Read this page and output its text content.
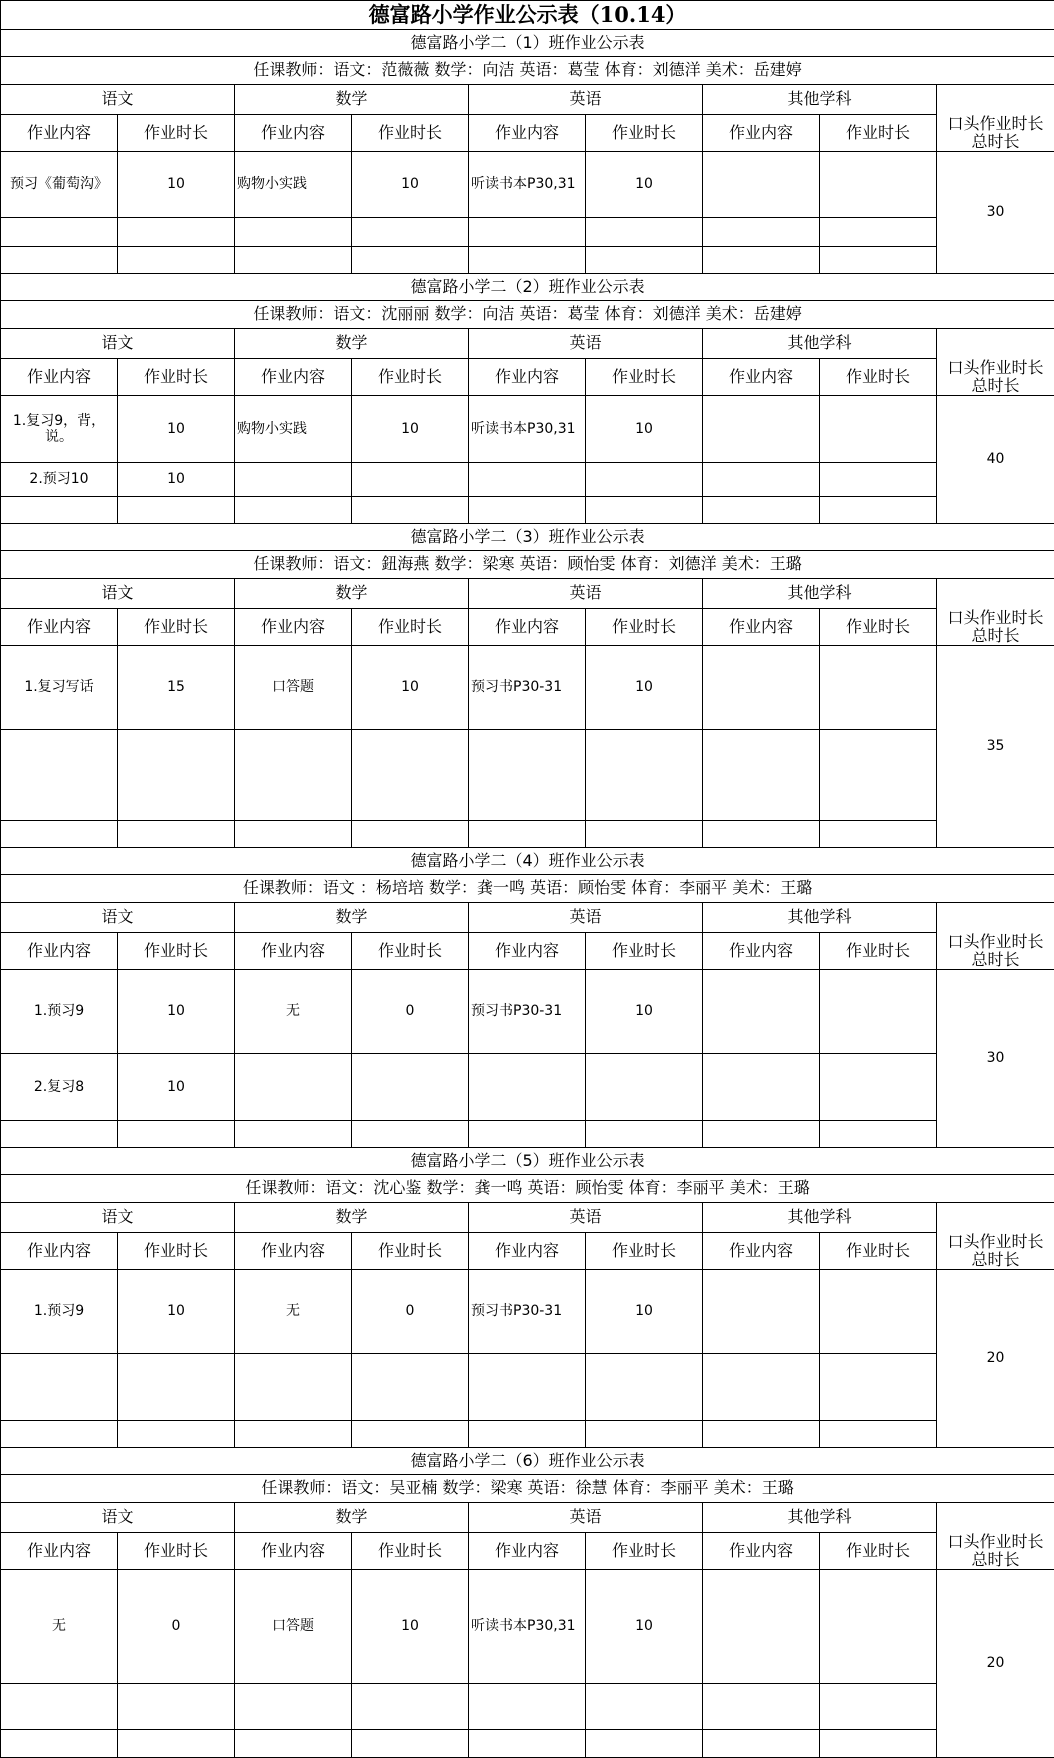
德富路小学作业公示表（10.14）								
德富路小学二（1）班作业公示表								
任课教师：语文：范薇薇 数学：向洁 英语：葛莹 体育：刘德洋 美术：岳建婷								
语文		数学		英语		其他学科		口头作业时长
总时长

作业内容	作业时长	作业内容	作业时长	作业内容	作业时长	作业内容	作业时长	
预习《葡萄沟》	10	购物小实践	10	听读书本P30,31	10			30

德富路小学二（2）班作业公示表								
任课教师：语文：沈丽丽 数学：向洁 英语：葛莹 体育：刘德洋 美术：岳建婷								
语文		数学		英语		其他学科		口头作业时长
总时长

作业内容	作业时长	作业内容	作业时长	作业内容	作业时长	作业内容	作业时长	
1.复习9，背，说。	10	购物小实践	10	听读书本P30,31	10			40
2.预习10	10							

德富路小学二（3）班作业公示表								
任课教师：语文：鈕海燕 数学：梁寒 英语：顾怡雯 体育：刘德洋 美术：王璐								
语文		数学		英语		其他学科		口头作业时长
总时长

作业内容	作业时长	作业内容	作业时长	作业内容	作业时长	作业内容	作业时长	
1.复习写话	15	口答题	10	预习书P30-31	10			35

德富路小学二（4）班作业公示表								
任课教师：语文 ：杨培培 数学：龚一鸣 英语：顾怡雯 体育：李丽平 美术：王璐								
语文		数学		英语		其他学科		口头作业时长
总时长

作业内容	作业时长	作业内容	作业时长	作业内容	作业时长	作业内容	作业时长	
1.预习9	10	无	0	预习书P30-31	10			30
2.复习8	10							

德富路小学二（5）班作业公示表								
任课教师：语文：沈心鉴 数学：龚一鸣 英语：顾怡雯 体育：李丽平 美术：王璐								
语文		数学		英语		其他学科		口头作业时长
总时长

作业内容	作业时长	作业内容	作业时长	作业内容	作业时长	作业内容	作业时长	
1.预习9	10	无	0	预习书P30-31	10			20

德富路小学二（6）班作业公示表								
任课教师：语文：吴亚楠 数学：梁寒 英语：徐慧 体育：李丽平 美术：王璐								
语文		数学		英语		其他学科		口头作业时长
总时长

作业内容	作业时长	作业内容	作业时长	作业内容	作业时长	作业内容	作业时长	
无	0	口答题	10	听读书本P30,31	10			20
